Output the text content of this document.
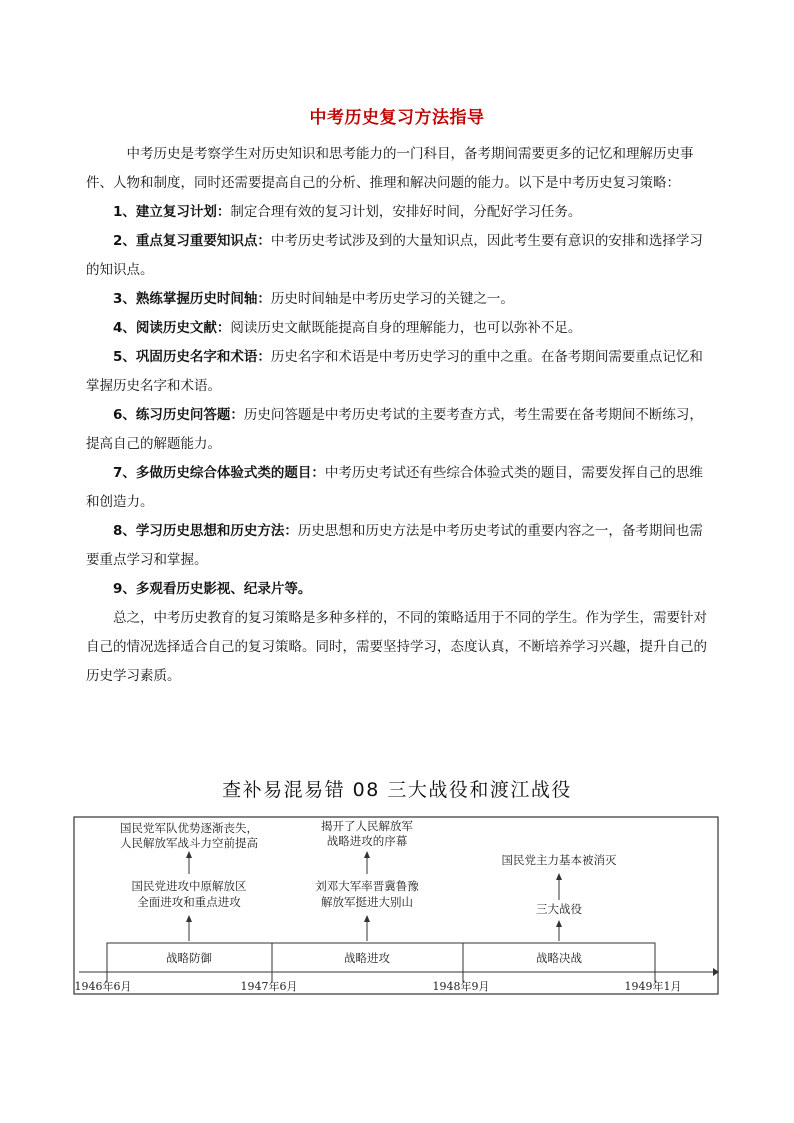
中考历史复习方法指导

中考历史是考察学生对历史知识和思考能力的一门科目，备考期间需要更多的记忆和理解历史事件、人物和制度，同时还需要提高自己的分析、推理和解决问题的能力。以下是中考历史复习策略：

1、建立复习计划：制定合理有效的复习计划，安排好时间，分配好学习任务。

2、重点复习重要知识点：中考历史考试涉及到的大量知识点，因此考生要有意识的安排和选择学习的知识点。

3、熟练掌握历史时间轴：历史时间轴是中考历史学习的关键之一。

4、阅读历史文献：阅读历史文献既能提高自身的理解能力，也可以弥补不足。

5、巩固历史名字和术语：历史名字和术语是中考历史学习的重中之重。在备考期间需要重点记忆和掌握历史名字和术语。

6、练习历史问答题：历史问答题是中考历史考试的主要考查方式，考生需要在备考期间不断练习，提高自己的解题能力。

7、多做历史综合体验式类的题目：中考历史考试还有些综合体验式类的题目，需要发挥自己的思维和创造力。

8、学习历史思想和历史方法：历史思想和历史方法是中考历史考试的重要内容之一，备考期间也需要重点学习和掌握。

9、多观看历史影视、纪录片等。

总之，中考历史教育的复习策略是多种多样的，不同的策略适用于不同的学生。作为学生，需要针对自己的情况选择适合自己的复习策略。同时，需要坚持学习，态度认真，不断培养学习兴趣，提升自己的历史学习素质。

查补易混易错 08 三大战役和渡江战役
战略防御	战略进攻	战略决战
1946年6月	1947年6月	1948年9月	1949年1月
国民党军队优势逐渐丧失，
人民解放军战斗力空前提高
国民党进攻中原解放区
全面进攻和重点进攻
揭开了人民解放军
战略进攻的序幕
刘邓大军率晋冀鲁豫
解放军挺进大别山
国民党主力基本被消灭
三大战役
